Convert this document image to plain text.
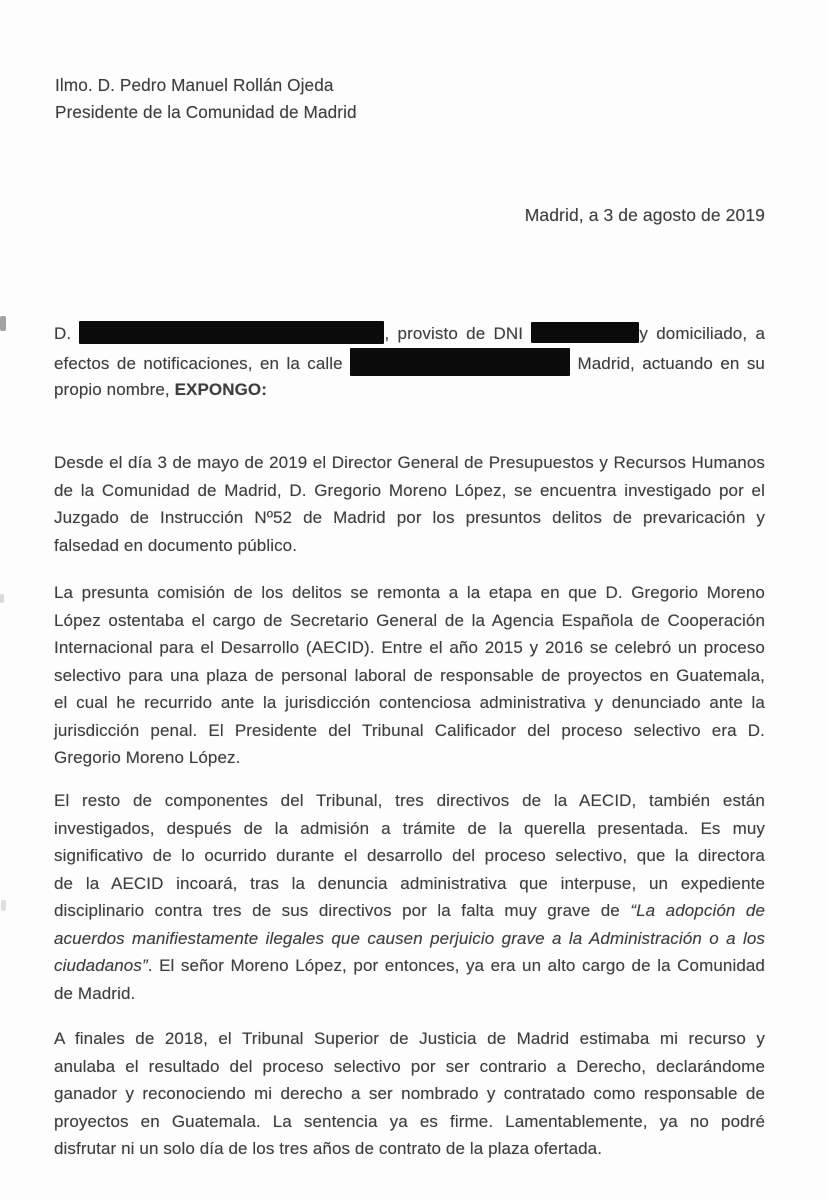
Ilmo. D. Pedro Manuel Rollán Ojeda
Presidente de la Comunidad de Madrid
Madrid, a 3 de agosto de 2019
D.	, provisto de DNI	y domiciliado, a
efectos de notificaciones, en la calle	Madrid, actuando en su
propio nombre, EXPONGO:
Desde el día 3 de mayo de 2019 el Director General de Presupuestos y Recursos Humanos
de la Comunidad de Madrid, D. Gregorio Moreno López, se encuentra investigado por el
Juzgado de Instrucción Nº52 de Madrid por los presuntos delitos de prevaricación y
falsedad en documento público.
La presunta comisión de los delitos se remonta a la etapa en que D. Gregorio Moreno
López ostentaba el cargo de Secretario General de la Agencia Española de Cooperación
Internacional para el Desarrollo (AECID). Entre el año 2015 y 2016 se celebró un proceso
selectivo para una plaza de personal laboral de responsable de proyectos en Guatemala,
el cual he recurrido ante la jurisdicción contenciosa administrativa y denunciado ante la
jurisdicción penal. El Presidente del Tribunal Calificador del proceso selectivo era D.
Gregorio Moreno López.
El resto de componentes del Tribunal, tres directivos de la AECID, también están
investigados, después de la admisión a trámite de la querella presentada. Es muy
significativo de lo ocurrido durante el desarrollo del proceso selectivo, que la directora
de la AECID incoará, tras la denuncia administrativa que interpuse, un expediente
disciplinario contra tres de sus directivos por la falta muy grave de “La adopción de
acuerdos manifiestamente ilegales que causen perjuicio grave a la Administración o a los
ciudadanos”. El señor Moreno López, por entonces, ya era un alto cargo de la Comunidad
de Madrid.
A finales de 2018, el Tribunal Superior de Justicia de Madrid estimaba mi recurso y
anulaba el resultado del proceso selectivo por ser contrario a Derecho, declarándome
ganador y reconociendo mi derecho a ser nombrado y contratado como responsable de
proyectos en Guatemala. La sentencia ya es firme. Lamentablemente, ya no podré
disfrutar ni un solo día de los tres años de contrato de la plaza ofertada.
